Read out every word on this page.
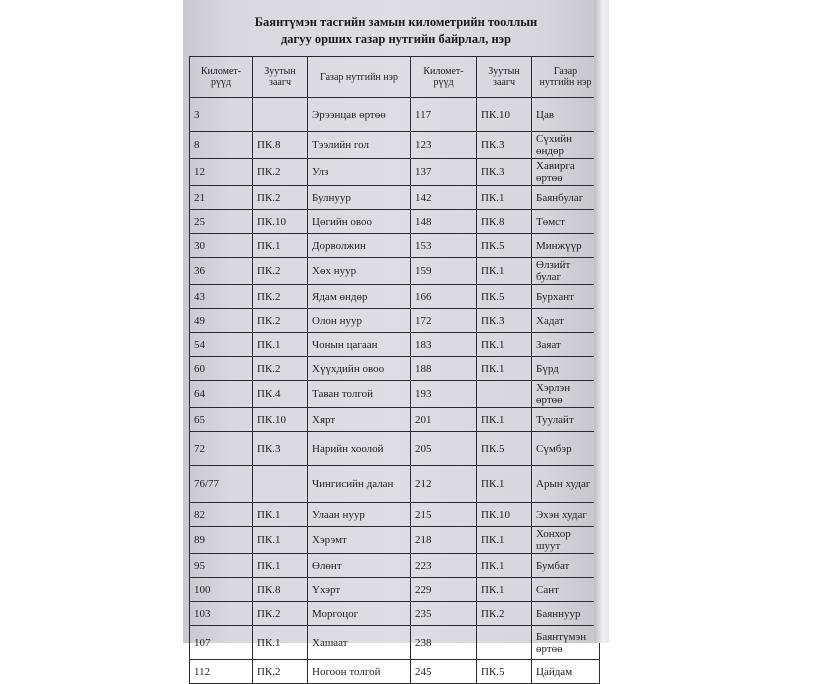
Баянтүмэн тасгийн замын километрийн тооллын
дагуу орших газар нутгийн байрлал, нэр
Километ-рүүд	Зуутын заагч	Газар нутгийн нэр	Километ-рүүд	Зуутын заагч	Газар нутгийн нэр
3		Эрээнцав өртөө	117	ПК.10	Цав
8	ПК.8	Тээлийн гол	123	ПК.3	Сүхийн өндөр
12	ПК.2	Улз	137	ПК.3	Хавирга өртөө
21	ПК.2	Булнуур	142	ПК.1	Баянбулаг
25	ПК.10	Цөгийн овоо	148	ПК.8	Төмст
30	ПК.1	Дорволжин	153	ПК.5	Минжүүр
36	ПК.2	Хөх нуур	159	ПК.1	Өлзийт булаг
43	ПК.2	Ядам өндөр	166	ПК.5	Бурхант
49	ПК.2	Олон нуур	172	ПК.3	Хадат
54	ПК.1	Чонын цагаан	183	ПК.1	Заяат
60	ПК.2	Хүүхдийн овоо	188	ПК.1	Бүрд
64	ПК.4	Таван толгой	193		Хэрлэн өртөө
65	ПК.10	Хярт	201	ПК.1	Туулайт
72	ПК.3	Нарийн хоолой	205	ПК.5	Сүмбэр
76/77		Чингисийн далан	212	ПК.1	Арын худаг
82	ПК.1	Улаан нуур	215	ПК.10	Эхэн худаг
89	ПК.1	Хэрэмт	218	ПК.1	Хонхор шуут
95	ПК.1	Өлөнт	223	ПК.1	Бумбат
100	ПК.8	Үхэрт	229	ПК.1	Сант
103	ПК.2	Моргоцог	235	ПК.2	Баяннуур
107	ПК.1	Хашаат	238		Баянтүмэн өртөө
112	ПК.2	Ногоон толгой	245	ПК.5	Цайдам
